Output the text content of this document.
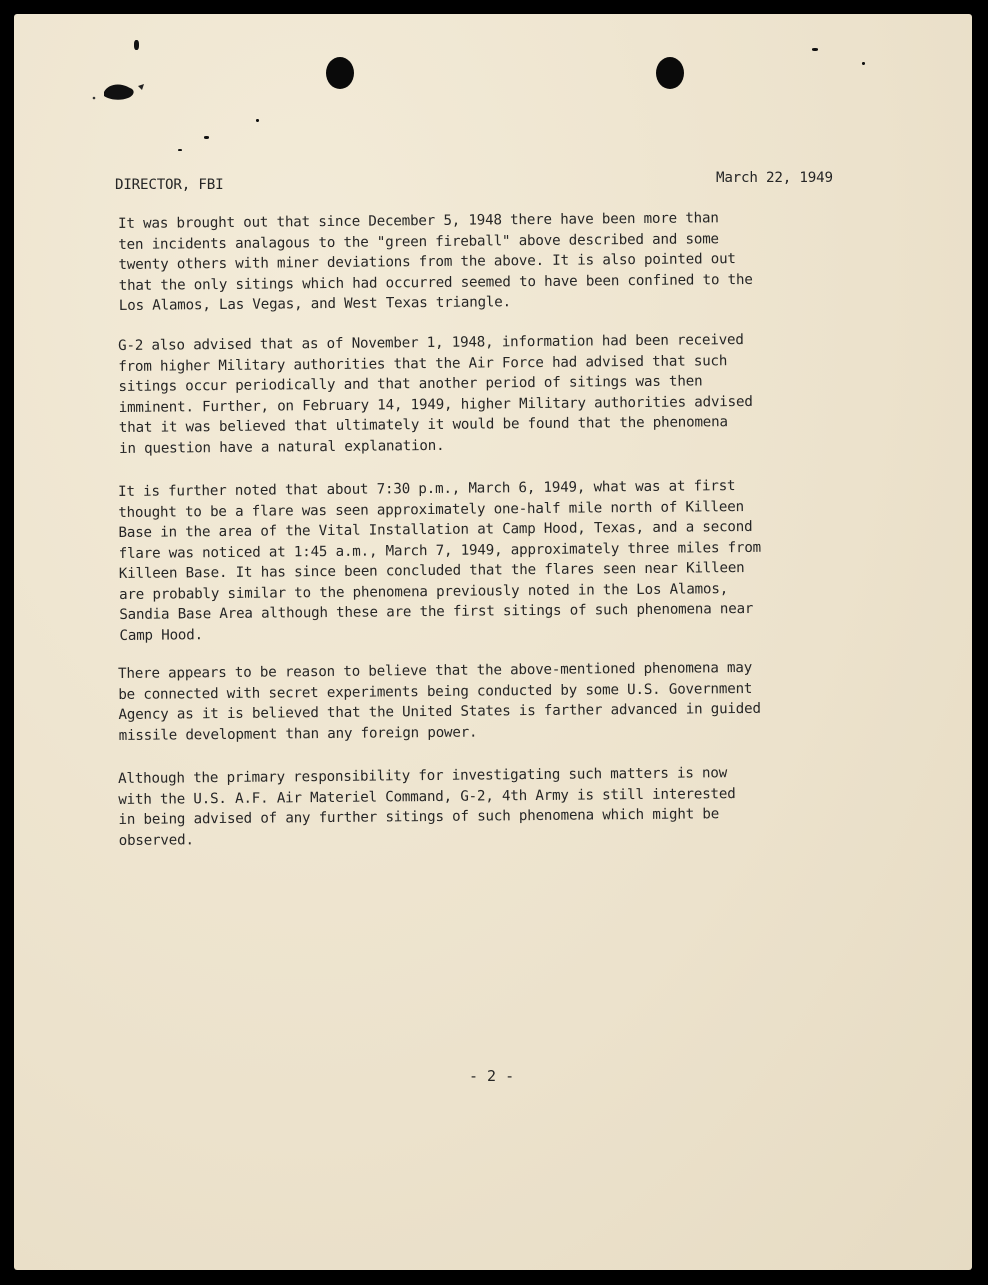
DIRECTOR, FBI	March 22, 1949
It was brought out that since December 5, 1948 there have been more than
ten incidents analagous to the "green fireball" above described and some
twenty others with miner deviations from the above. It is also pointed out
that the only sitings which had occurred seemed to have been confined to the
Los Alamos, Las Vegas, and West Texas triangle.
G-2 also advised that as of November 1, 1948, information had been received
from higher Military authorities that the Air Force had advised that such
sitings occur periodically and that another period of sitings was then
imminent. Further, on February 14, 1949, higher Military authorities advised
that it was believed that ultimately it would be found that the phenomena
in question have a natural explanation.
It is further noted that about 7:30 p.m., March 6, 1949, what was at first
thought to be a flare was seen approximately one-half mile north of Killeen
Base in the area of the Vital Installation at Camp Hood, Texas, and a second
flare was noticed at 1:45 a.m., March 7, 1949, approximately three miles from
Killeen Base. It has since been concluded that the flares seen near Killeen
are probably similar to the phenomena previously noted in the Los Alamos,
Sandia Base Area although these are the first sitings of such phenomena near
Camp Hood.
There appears to be reason to believe that the above-mentioned phenomena may
be connected with secret experiments being conducted by some U.S. Government
Agency as it is believed that the United States is farther advanced in guided
missile development than any foreign power.
Although the primary responsibility for investigating such matters is now
with the U.S. A.F. Air Materiel Command, G-2, 4th Army is still interested
in being advised of any further sitings of such phenomena which might be
observed.
- 2 -
